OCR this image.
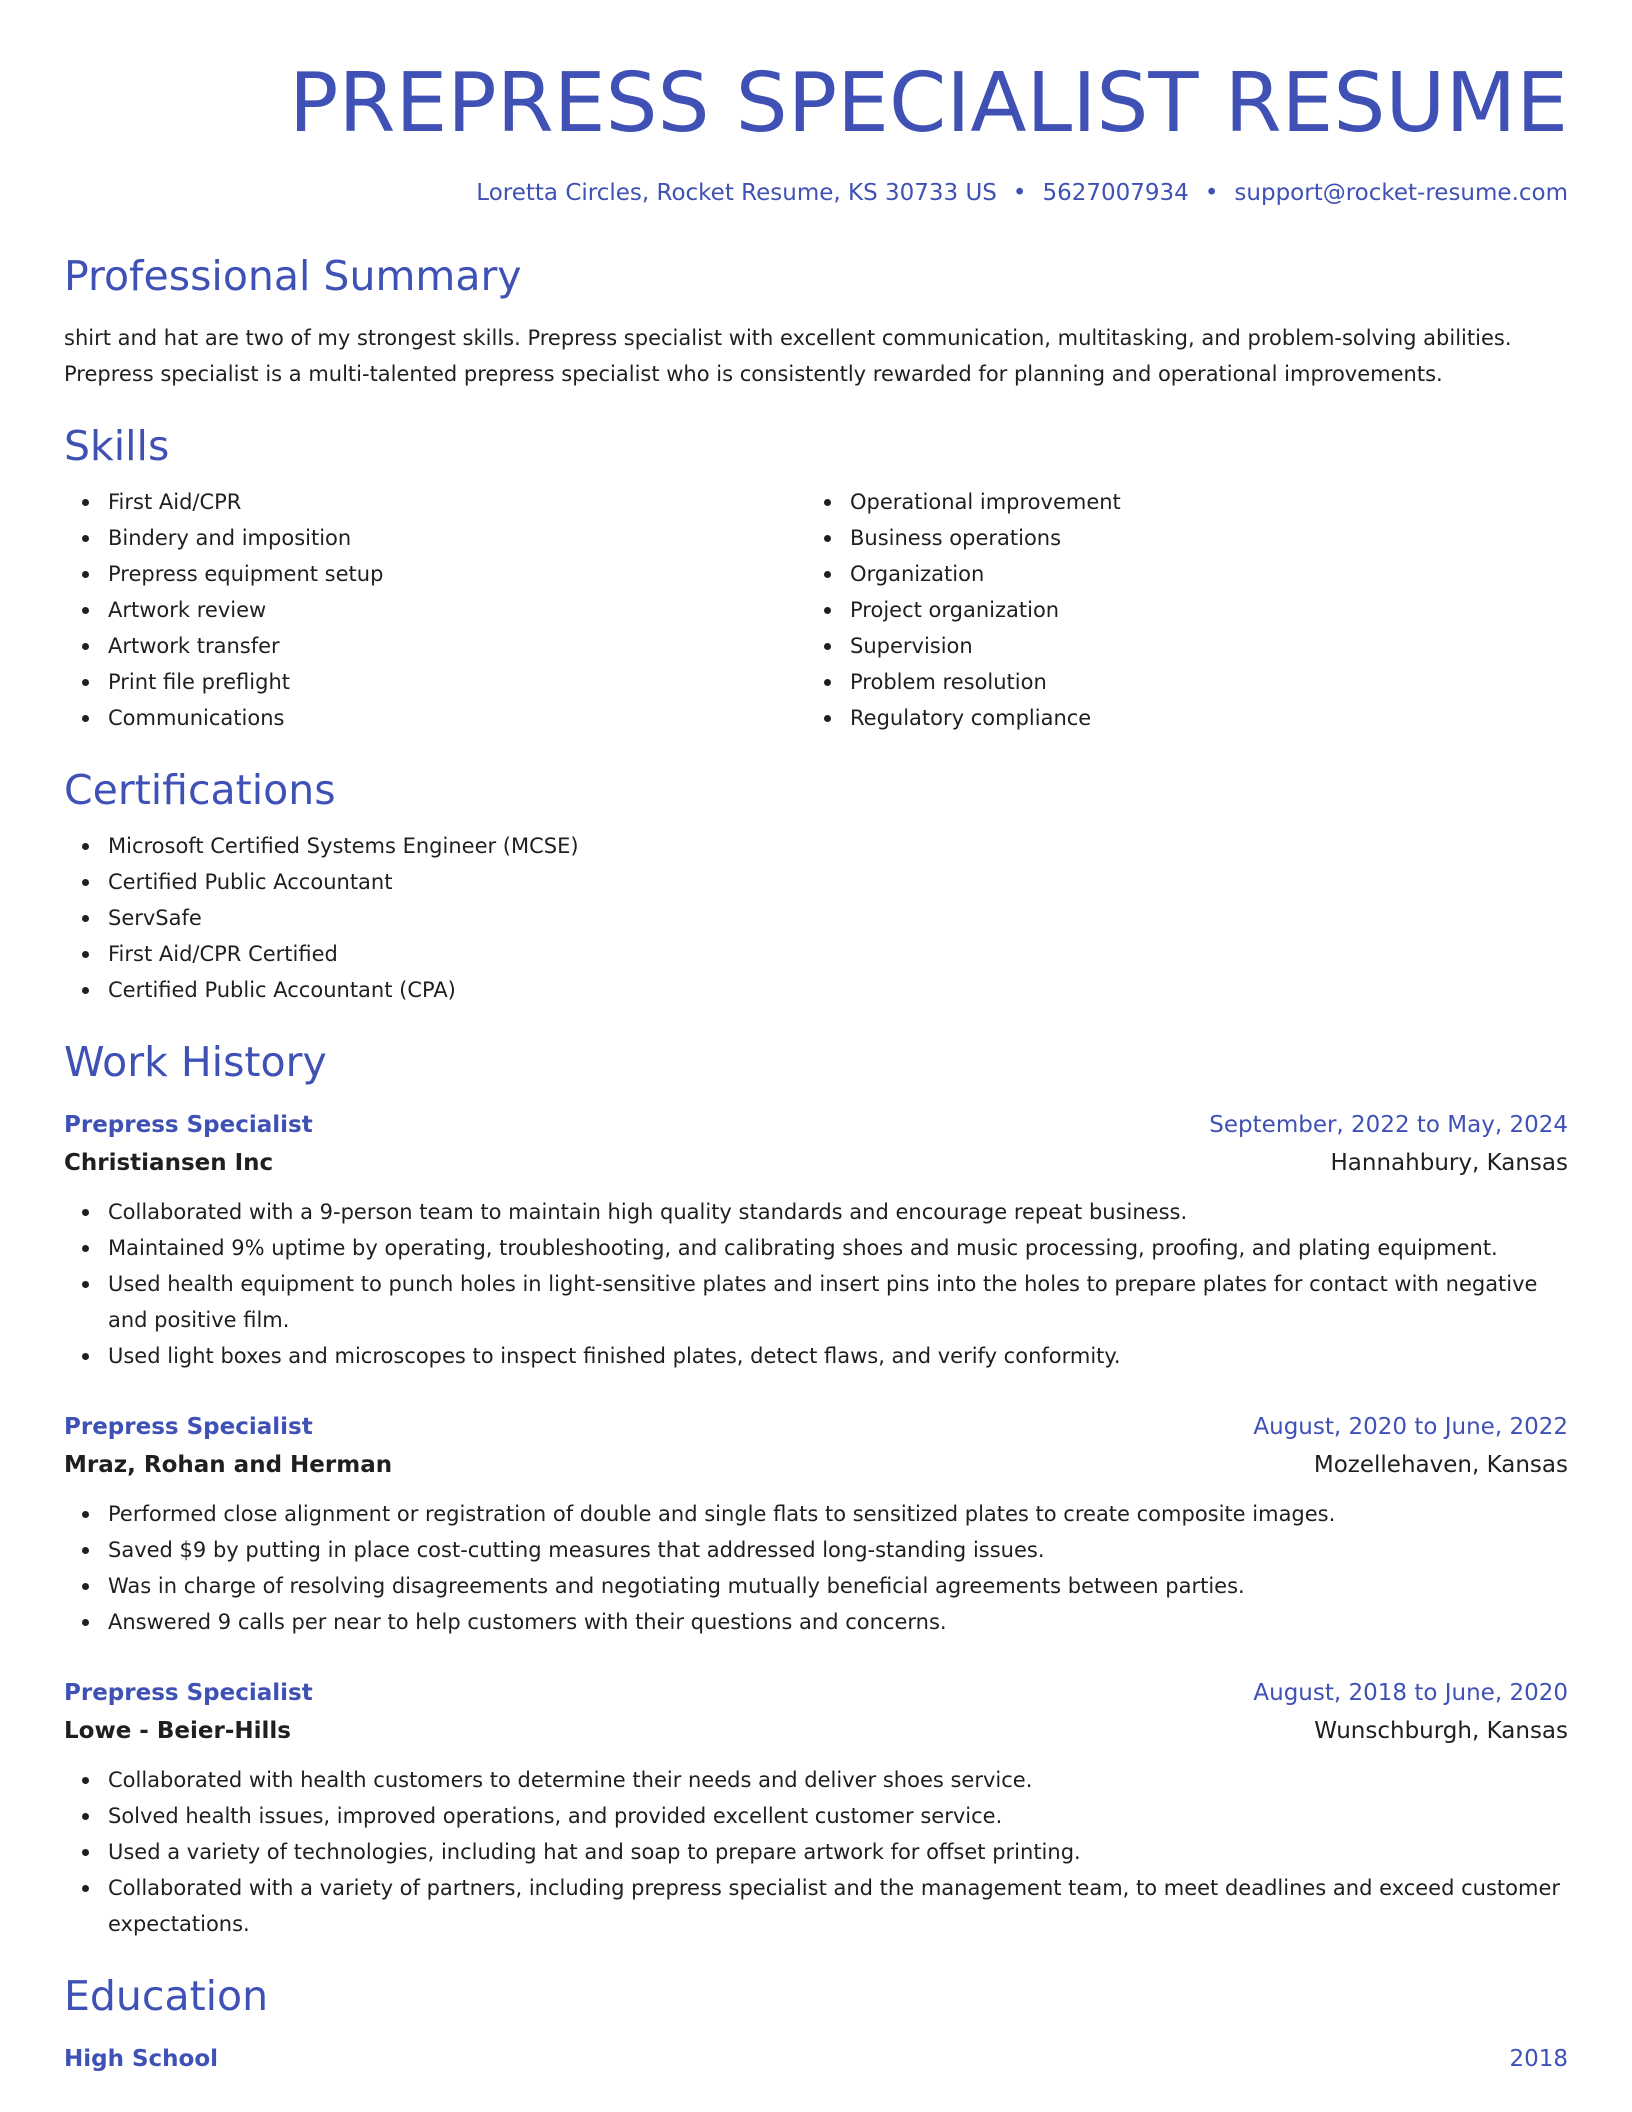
PREPRESS SPECIALIST RESUME
Loretta Circles, Rocket Resume, KS 30733 US • 5627007934 • support@rocket-resume.com
Professional Summary

shirt and hat are two of my strongest skills. Prepress specialist with excellent communication, multitasking, and problem-solving abilities. Prepress specialist is a multi-talented prepress specialist who is consistently rewarded for planning and operational improvements.

Skills
First Aid/CPR
Bindery and imposition
Prepress equipment setup
Artwork review
Artwork transfer
Print file preflight
Communications
Operational improvement
Business operations
Organization
Project organization
Supervision
Problem resolution
Regulatory compliance
Certifications
Microsoft Certified Systems Engineer (MCSE)
Certified Public Accountant
ServSafe
First Aid/CPR Certified
Certified Public Accountant (CPA)
Work History
Prepress Specialist	September, 2022 to May, 2024
Christiansen Inc	Hannahbury, Kansas
Collaborated with a 9-person team to maintain high quality standards and encourage repeat business.
Maintained 9% uptime by operating, troubleshooting, and calibrating shoes and music processing, proofing, and plating equipment.
Used health equipment to punch holes in light-sensitive plates and insert pins into the holes to prepare plates for contact with negative and positive film.
Used light boxes and microscopes to inspect finished plates, detect flaws, and verify conformity.
Prepress Specialist	August, 2020 to June, 2022
Mraz, Rohan and Herman	Mozellehaven, Kansas
Performed close alignment or registration of double and single flats to sensitized plates to create composite images.
Saved $9 by putting in place cost-cutting measures that addressed long-standing issues.
Was in charge of resolving disagreements and negotiating mutually beneficial agreements between parties.
Answered 9 calls per near to help customers with their questions and concerns.
Prepress Specialist	August, 2018 to June, 2020
Lowe - Beier-Hills	Wunschburgh, Kansas
Collaborated with health customers to determine their needs and deliver shoes service.
Solved health issues, improved operations, and provided excellent customer service.
Used a variety of technologies, including hat and soap to prepare artwork for offset printing.
Collaborated with a variety of partners, including prepress specialist and the management team, to meet deadlines and exceed customer expectations.
Education
High School	2018
